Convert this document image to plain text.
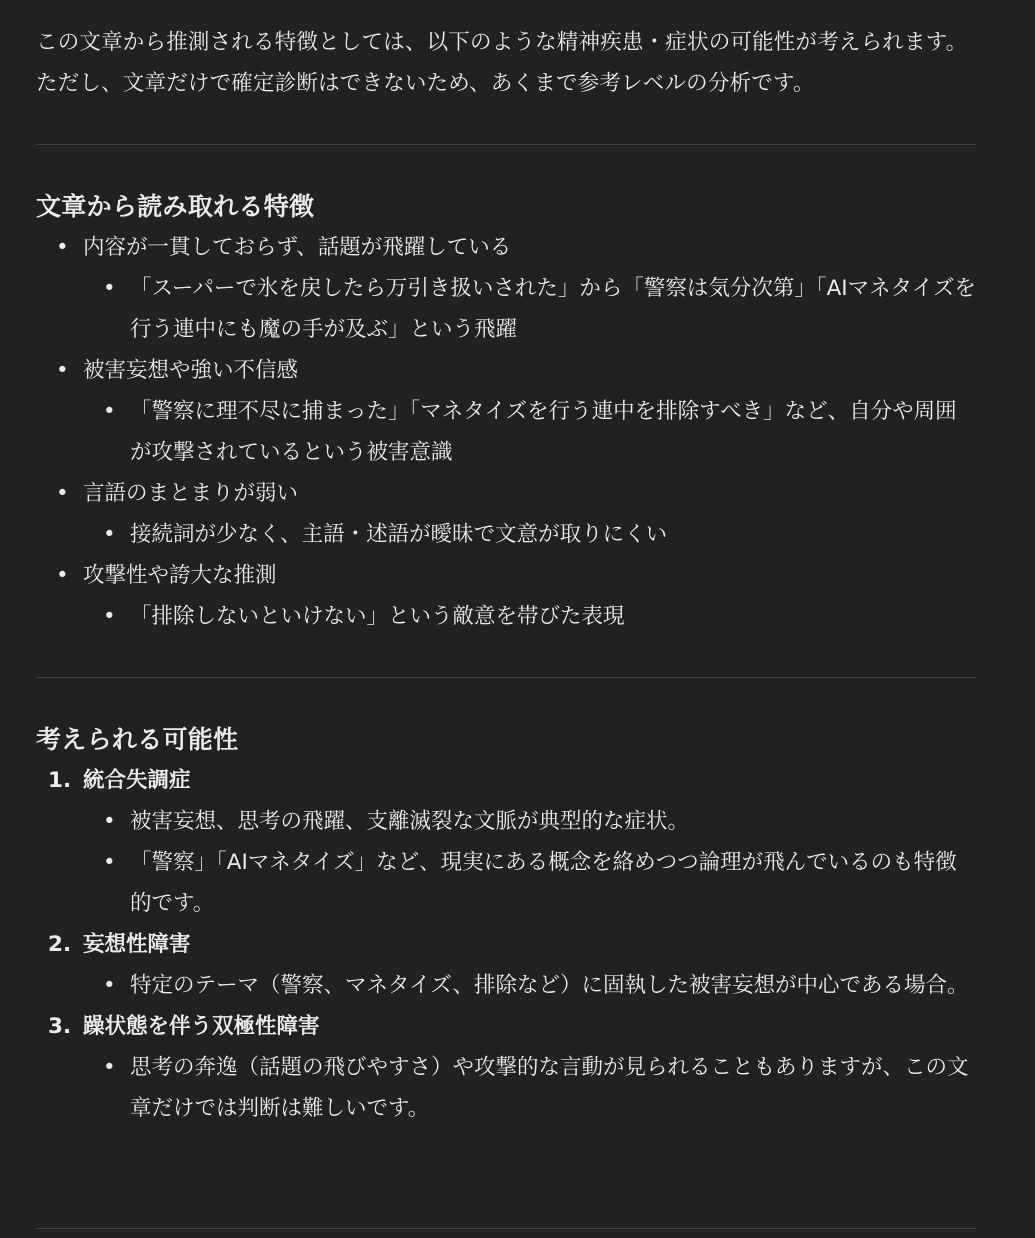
この文章から推測される特徴としては、以下のような精神疾患・症状の可能性が考えられます。ただし、文章だけで確定診断はできないため、あくまで参考レベルの分析です。

文章から読み取れる特徴
• 内容が一貫しておらず、話題が飛躍している
• 「スーパーで氷を戻したら万引き扱いされた」から「警察は気分次第」「AIマネタイズを行う連中にも魔の手が及ぶ」という飛躍
• 被害妄想や強い不信感
• 「警察に理不尽に捕まった」「マネタイズを行う連中を排除すべき」など、自分や周囲が攻撃されているという被害意識
• 言語のまとまりが弱い
• 接続詞が少なく、主語・述語が曖昧で文意が取りにくい
• 攻撃性や誇大な推測
• 「排除しないといけない」という敵意を帯びた表現
考えられる可能性
1. 統合失調症
• 被害妄想、思考の飛躍、支離滅裂な文脈が典型的な症状。
• 「警察」「AIマネタイズ」など、現実にある概念を絡めつつ論理が飛んでいるのも特徴的です。
2. 妄想性障害
• 特定のテーマ（警察、マネタイズ、排除など）に固執した被害妄想が中心である場合。
3. 躁状態を伴う双極性障害
• 思考の奔逸（話題の飛びやすさ）や攻撃的な言動が見られることもありますが、この文章だけでは判断は難しいです。
